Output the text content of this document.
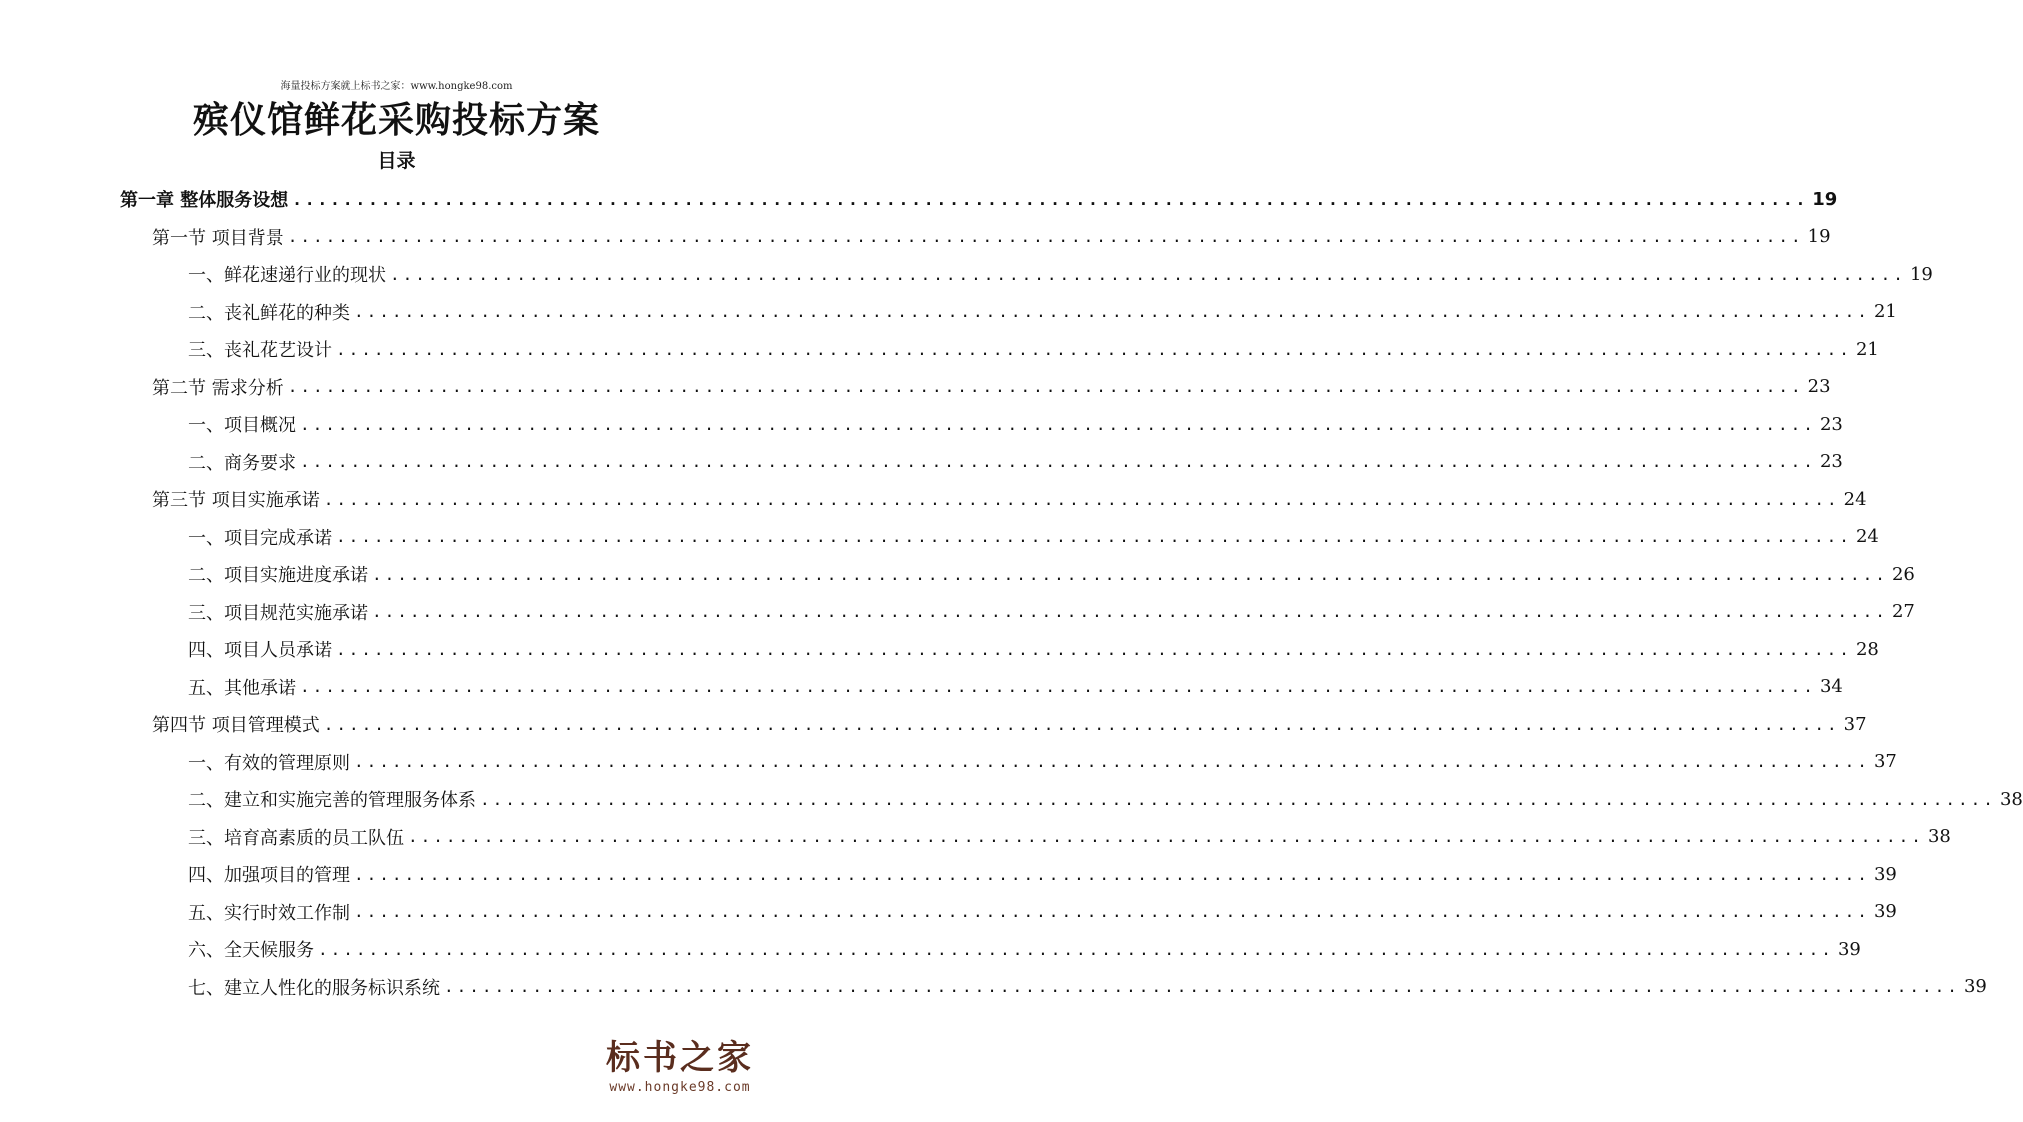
海量投标方案就上标书之家：www.hongke98.com
殡仪馆鲜花采购投标方案
目录
第一章 整体服务设想 ........................................................................................................................ 19
第一节 项目背景 ........................................................................................................................ 19
一、鲜花速递行业的现状 ........................................................................................................................ 19
二、丧礼鲜花的种类 ........................................................................................................................ 21
三、丧礼花艺设计 ........................................................................................................................ 21
第二节 需求分析 ........................................................................................................................ 23
一、项目概况 ........................................................................................................................ 23
二、商务要求 ........................................................................................................................ 23
第三节 项目实施承诺 ........................................................................................................................ 24
一、项目完成承诺 ........................................................................................................................ 24
二、项目实施进度承诺 ........................................................................................................................ 26
三、项目规范实施承诺 ........................................................................................................................ 27
四、项目人员承诺 ........................................................................................................................ 28
五、其他承诺 ........................................................................................................................ 34
第四节 项目管理模式 ........................................................................................................................ 37
一、有效的管理原则 ........................................................................................................................ 37
二、建立和实施完善的管理服务体系 ........................................................................................................................ 38
三、培育高素质的员工队伍 ........................................................................................................................ 38
四、加强项目的管理 ........................................................................................................................ 39
五、实行时效工作制 ........................................................................................................................ 39
六、全天候服务 ........................................................................................................................ 39
七、建立人性化的服务标识系统 ........................................................................................................................ 39
标书之家
www.hongke98.com
